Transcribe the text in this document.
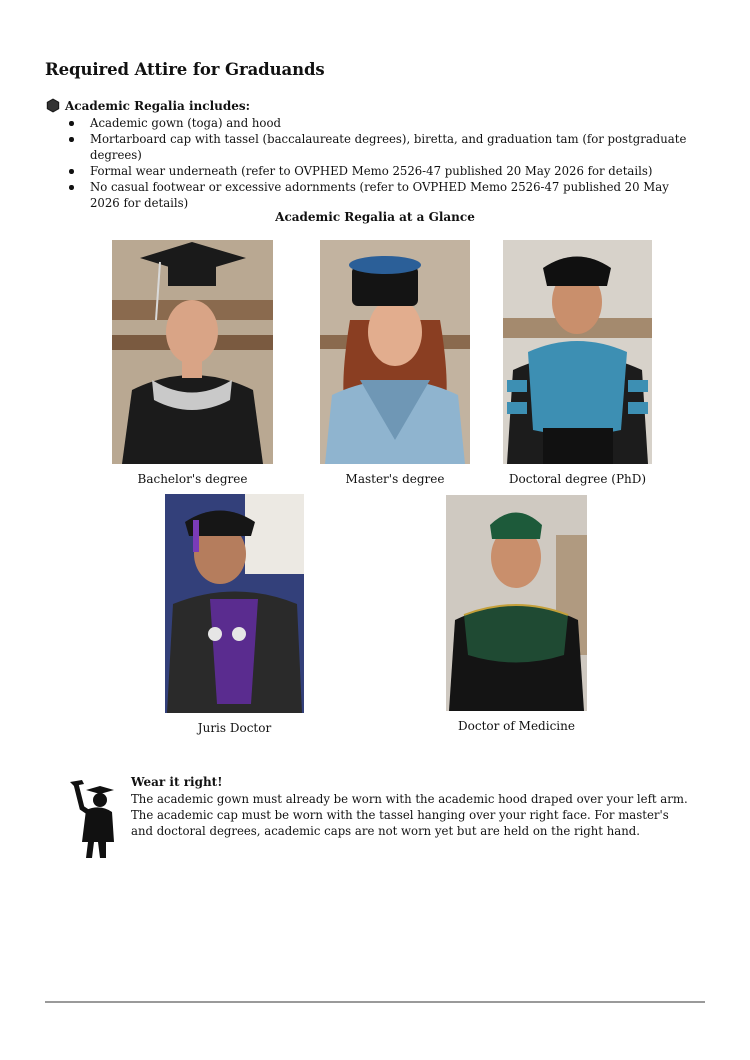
Required Attire for Graduands
Academic Regalia includes:
Academic gown (toga) and hood
Mortarboard cap with tassel (baccalaureate degrees), biretta, and graduation tam (for postgraduate degrees)
Formal wear underneath (refer to OVPHED Memo 2526-47 published 20 May 2026 for details)
No casual footwear or excessive adornments (refer to OVPHED Memo 2526-47 published 20 May 2026 for details)
Academic Regalia at a Glance
Bachelor's degree	Master's degree	Doctoral degree (PhD)
Juris Doctor	Doctor of Medicine
Wear it right!
The academic gown must already be worn with the academic hood draped over your left arm. The academic cap must be worn with the tassel hanging over your right face. For master's and doctoral degrees, academic caps are not worn yet but are held on the right hand.
